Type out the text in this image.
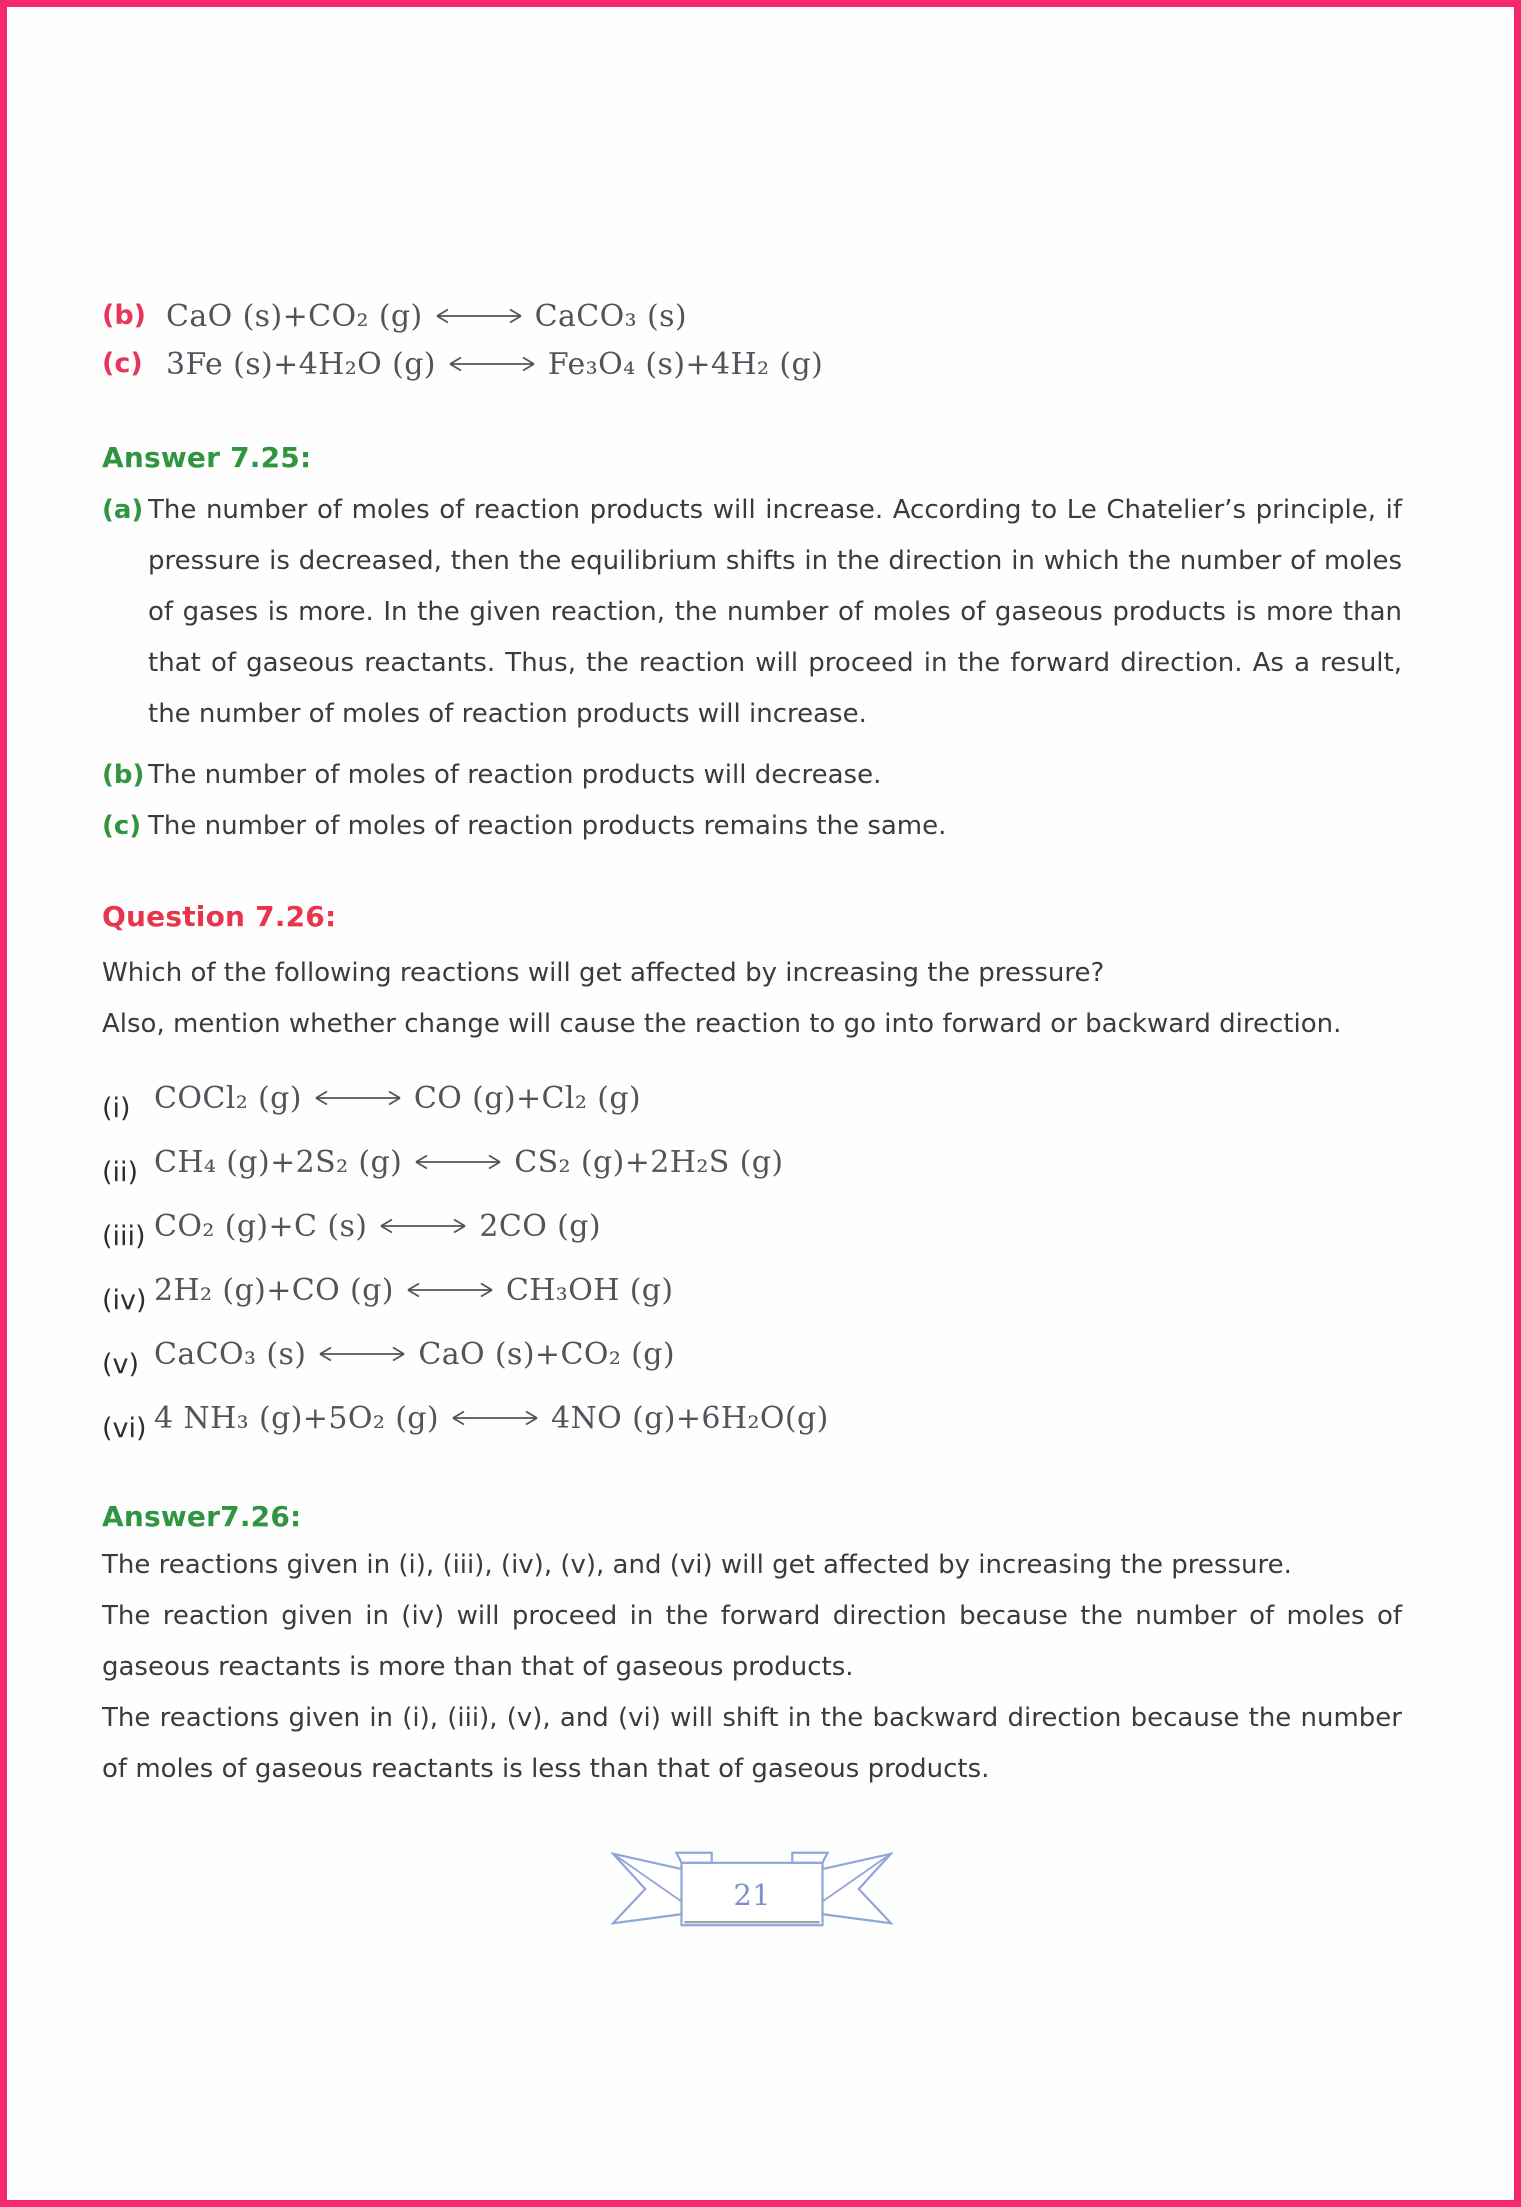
(b) CaO (s)+CO₂ (g)	CaCO₃ (s)
(c) 3Fe (s)+4H₂O (g)	Fe₃O₄ (s)+4H₂ (g)
Answer 7.25:
(a) The number of moles of reaction products will increase. According to Le Chatelier’s principle, if pressure is decreased, then the equilibrium shifts in the direction in which the number of moles of gases is more. In the given reaction, the number of moles of gaseous products is more than that of gaseous reactants. Thus, the reaction will proceed in the forward direction. As a result, the number of moles of reaction products will increase.

(b) The number of moles of reaction products will decrease.

(c) The number of moles of reaction products remains the same.

Question 7.26:

Which of the following reactions will get affected by increasing the pressure?

Also, mention whether change will cause the reaction to go into forward or backward direction.

(i) COCl₂ (g)	CO (g)+Cl₂ (g)
(ii) CH₄ (g)+2S₂ (g)	CS₂ (g)+2H₂S (g)
(iii) CO₂ (g)+C (s)	2CO (g)
(iv) 2H₂ (g)+CO (g)	CH₃OH (g)
(v) CaCO₃ (s)	CaO (s)+CO₂ (g)
(vi) 4 NH₃ (g)+5O₂ (g)	4NO (g)+6H₂O(g)
Answer7.26:

The reactions given in (i), (iii), (iv), (v), and (vi) will get affected by increasing the pressure.

The reaction given in (iv) will proceed in the forward direction because the number of moles of gaseous reactants is more than that of gaseous products.

The reactions given in (i), (iii), (v), and (vi) will shift in the backward direction because the number of moles of gaseous reactants is less than that of gaseous products.

21
